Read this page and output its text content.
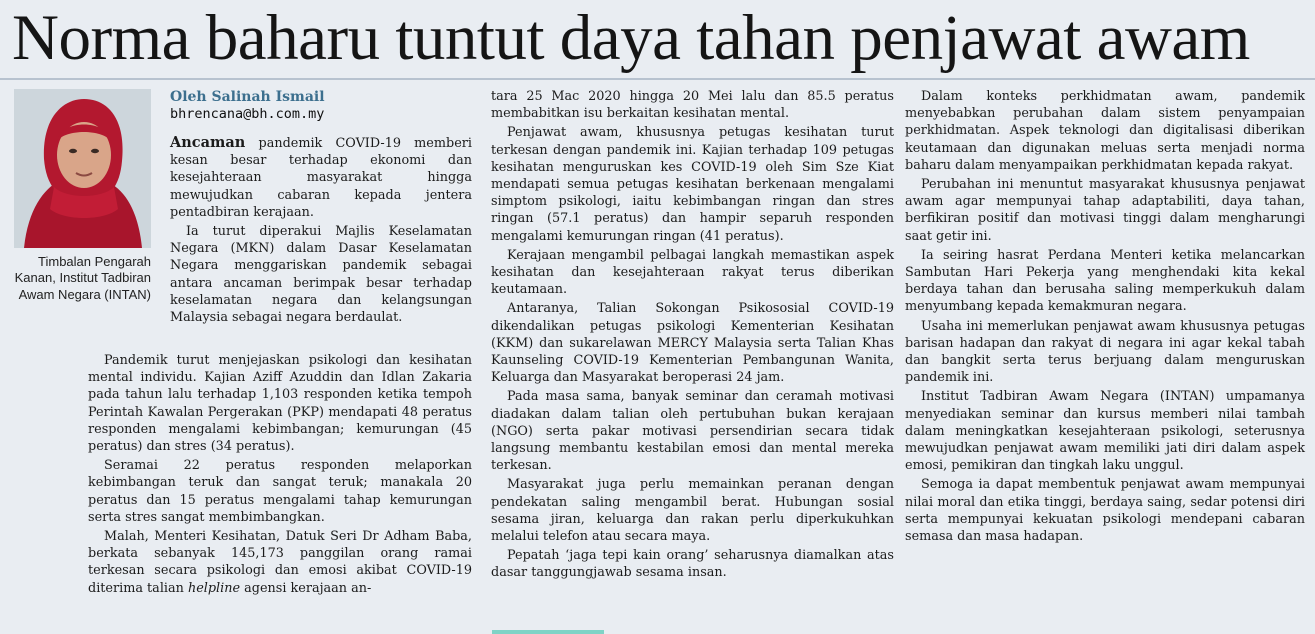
Norma baharu tuntut daya tahan penjawat awam
Timbalan Pengarah Kanan, Institut Tadbiran Awam Negara (INTAN)
Oleh Salinah Ismail
bhrencana@bh.com.my

Ancaman pandemik COVID-19 memberi kesan besar terhadap ekonomi dan kesejahteraan masyarakat hingga mewujudkan cabaran kepada jentera pentadbiran kerajaan.

Ia turut diperakui Majlis Keselamatan Negara (MKN) dalam Dasar Keselamatan Negara menggariskan pandemik sebagai antara ancaman berimpak besar terhadap keselamatan negara dan kelangsungan Malaysia sebagai negara berdaulat.

Pandemik turut menjejaskan psikologi dan kesihatan mental individu. Kajian Aziff Azuddin dan Idlan Zakaria pada tahun lalu terhadap 1,103 responden ketika tempoh Perintah Kawalan Pergerakan (PKP) mendapati 48 peratus responden mengalami kebimbangan; kemurungan (45 peratus) dan stres (34 peratus).

Seramai 22 peratus responden melaporkan kebimbangan teruk dan sangat teruk; manakala 20 peratus dan 15 peratus mengalami tahap kemurungan serta stres sangat membimbangkan.

Malah, Menteri Kesihatan, Datuk Seri Dr Adham Baba, berkata sebanyak 145,173 panggilan orang ramai terkesan secara psikologi dan emosi akibat COVID-19 diterima talian helpline agensi kerajaan an-

tara 25 Mac 2020 hingga 20 Mei lalu dan 85.5 peratus membabitkan isu berkaitan kesihatan mental.

Penjawat awam, khususnya petugas kesihatan turut terkesan dengan pandemik ini. Kajian terhadap 109 petugas kesihatan menguruskan kes COVID-19 oleh Sim Sze Kiat mendapati semua petugas kesihatan berkenaan mengalami simptom psikologi, iaitu kebimbangan ringan dan stres ringan (57.1 peratus) dan hampir separuh responden mengalami kemurungan ringan (41 peratus).

Kerajaan mengambil pelbagai langkah memastikan aspek kesihatan dan kesejahteraan rakyat terus diberikan keutamaan.

Antaranya, Talian Sokongan Psikososial COVID-19 dikendalikan petugas psikologi Kementerian Kesihatan (KKM) dan sukarelawan MERCY Malaysia serta Talian Khas Kaunseling COVID-19 Kementerian Pembangunan Wanita, Keluarga dan Masyarakat beroperasi 24 jam.

Pada masa sama, banyak seminar dan ceramah motivasi diadakan dalam talian oleh pertubuhan bukan kerajaan (NGO) serta pakar motivasi persendirian secara tidak langsung membantu kestabilan emosi dan mental mereka terkesan.

Masyarakat juga perlu memainkan peranan dengan pendekatan saling mengambil berat. Hubungan sosial sesama jiran, keluarga dan rakan perlu diperkukuhkan melalui telefon atau secara maya.

Pepatah ‘jaga tepi kain orang’ seharusnya diamalkan atas dasar tanggungjawab sesama insan.

Dalam konteks perkhidmatan awam, pandemik menyebabkan perubahan dalam sistem penyampaian perkhidmatan. Aspek teknologi dan digitalisasi diberikan keutamaan dan digunakan meluas serta menjadi norma baharu dalam menyampaikan perkhidmatan kepada rakyat.

Perubahan ini menuntut masyarakat khususnya penjawat awam agar mempunyai tahap adaptabiliti, daya tahan, berfikiran positif dan motivasi tinggi dalam mengharungi saat getir ini.

Ia seiring hasrat Perdana Menteri ketika melancarkan Sambutan Hari Pekerja yang menghendaki kita kekal berdaya tahan dan berusaha saling memperkukuh dalam menyumbang kepada kemakmuran negara.

Usaha ini memerlukan penjawat awam khususnya petugas barisan hadapan dan rakyat di negara ini agar kekal tabah dan bangkit serta terus berjuang dalam menguruskan pandemik ini.

Institut Tadbiran Awam Negara (INTAN) umpamanya menyediakan seminar dan kursus memberi nilai tambah dalam meningkatkan kesejahteraan psikologi, seterusnya mewujudkan penjawat awam memiliki jati diri dalam aspek emosi, pemikiran dan tingkah laku unggul.

Semoga ia dapat membentuk penjawat awam mempunyai nilai moral dan etika tinggi, berdaya saing, sedar potensi diri serta mempunyai kekuatan psikologi mendepani cabaran semasa dan masa hadapan.
